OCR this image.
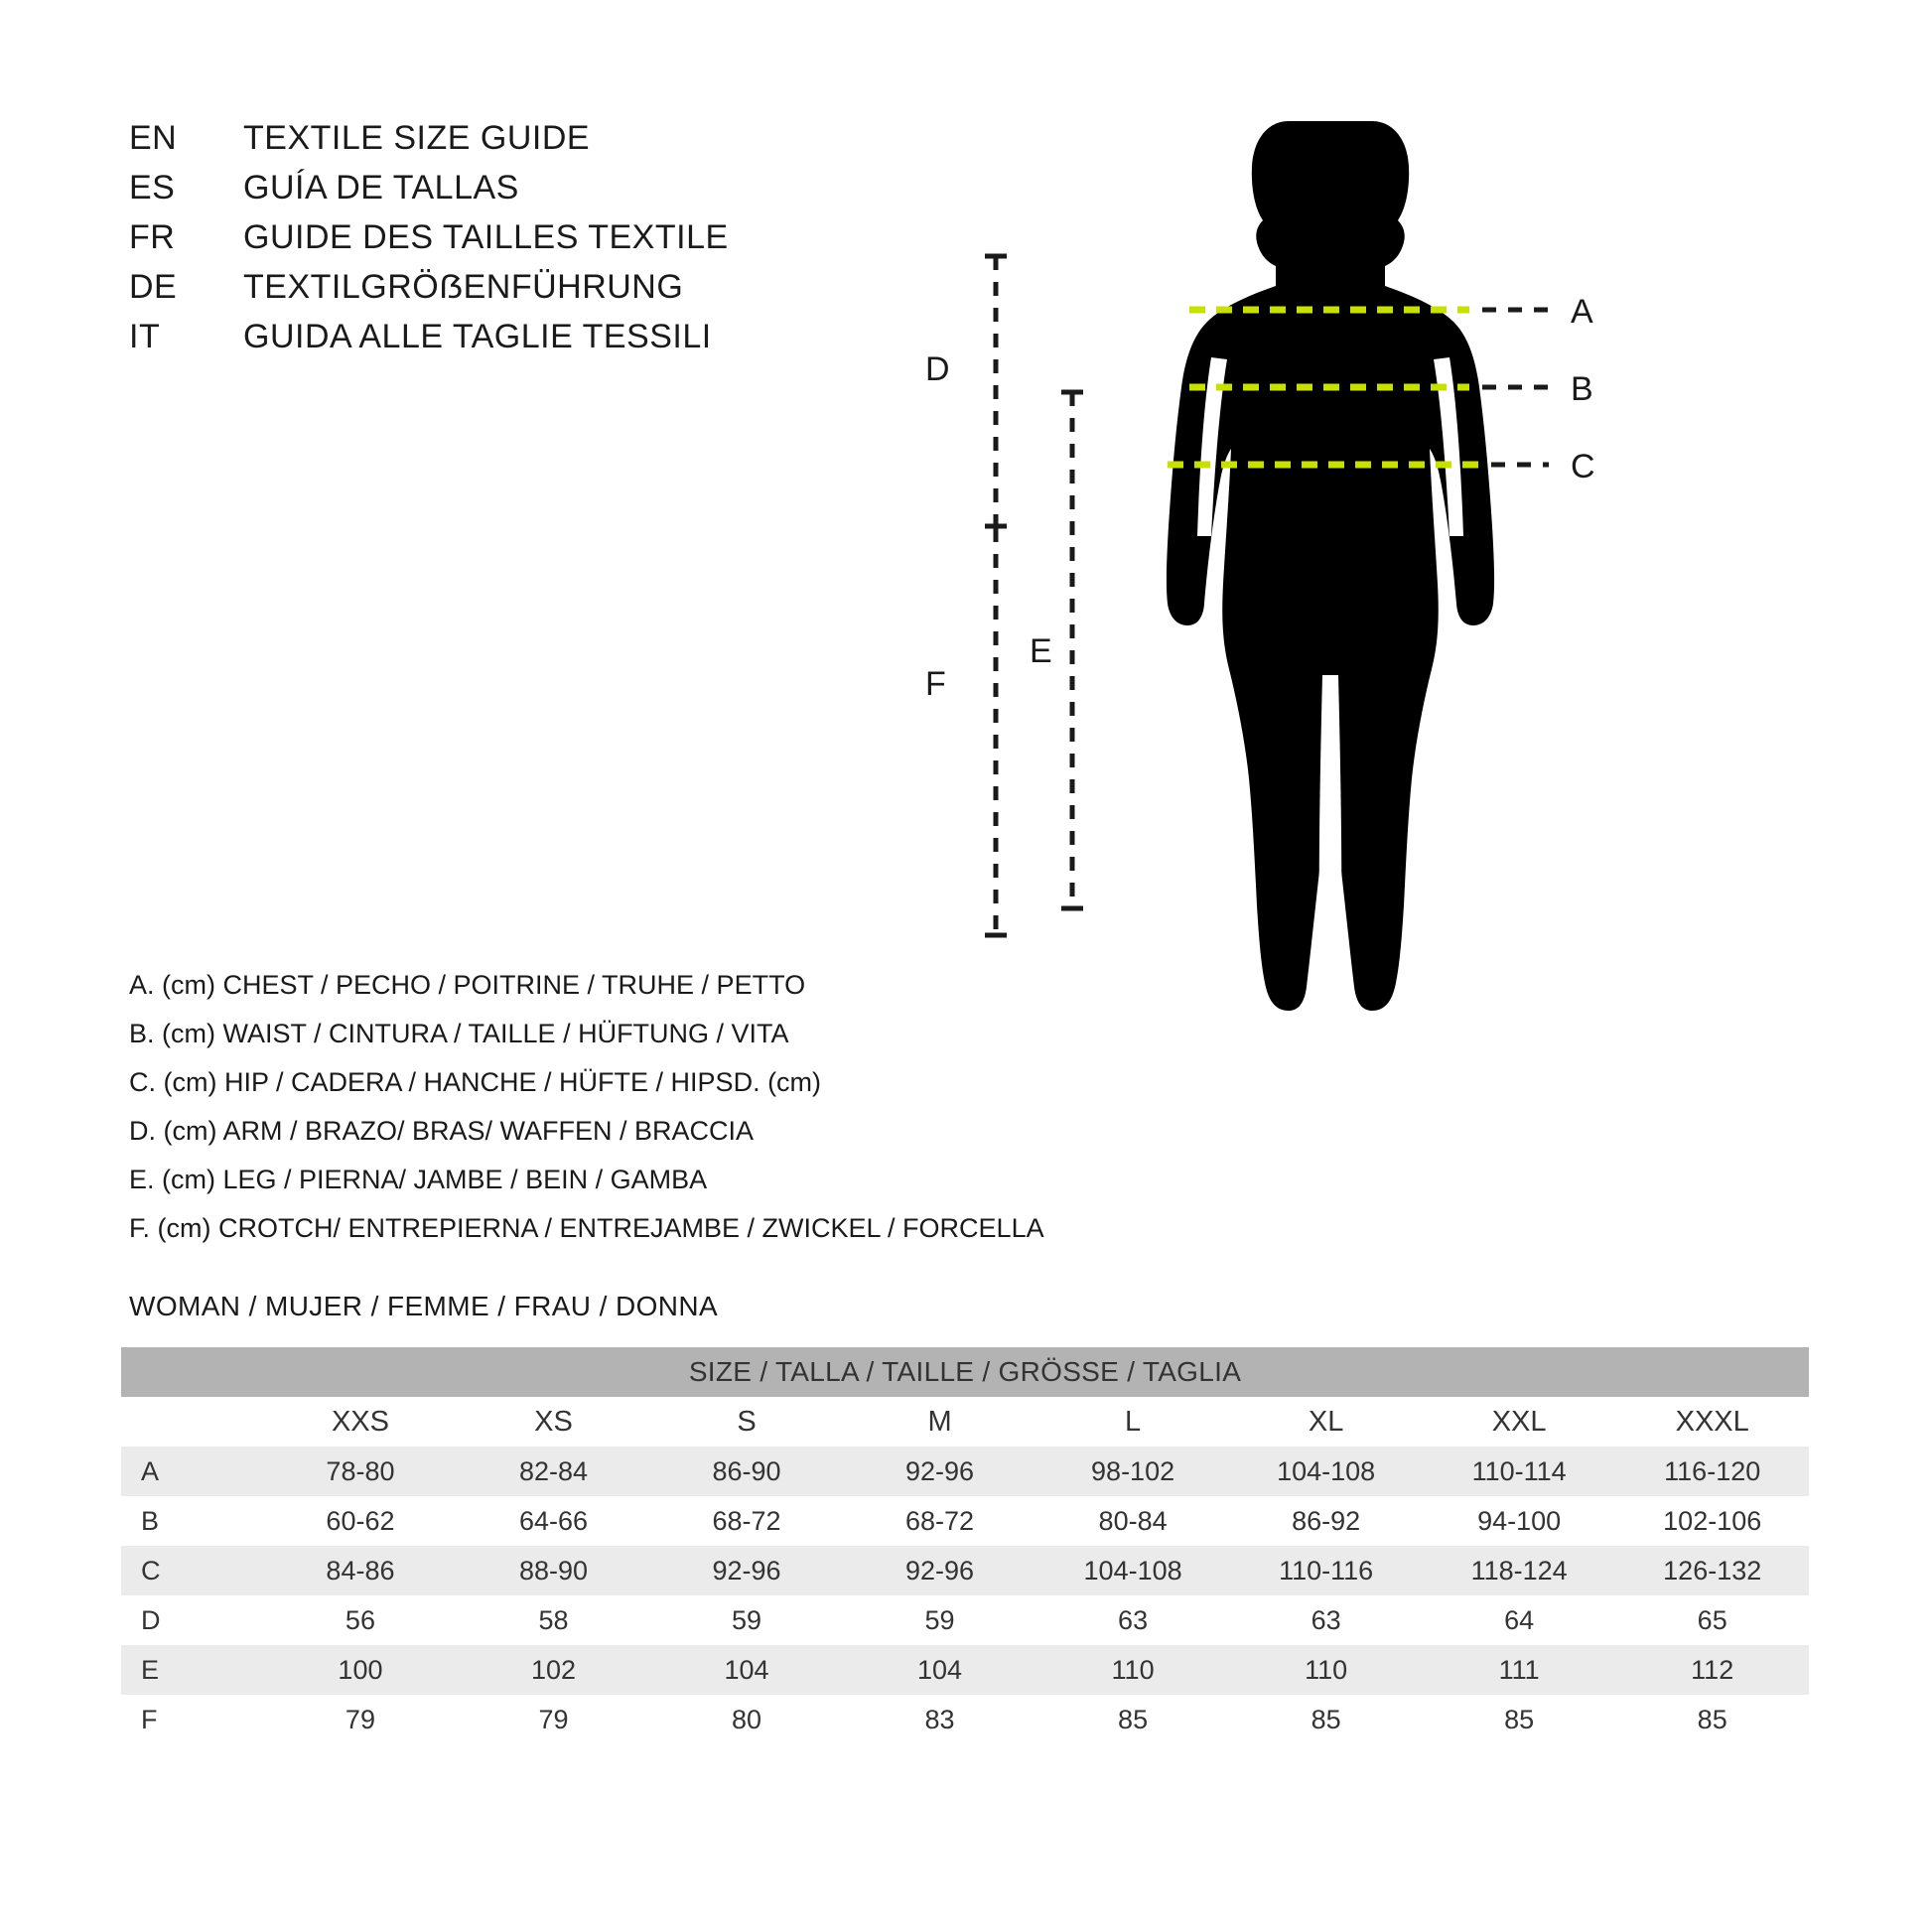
EN	TEXTILE SIZE GUIDE
ES	GUÍA DE TALLAS
FR	GUIDE DES TAILLES TEXTILE
DE	TEXTILGRÖẞENFÜHRUNG
IT	GUIDA ALLE TAGLIE TESSILI
A. (cm) CHEST / PECHO / POITRINE / TRUHE / PETTO
B. (cm) WAIST / CINTURA / TAILLE / HÜFTUNG / VITA
C. (cm) HIP / CADERA / HANCHE / HÜFTE / HIPSD. (cm)
D. (cm) ARM / BRAZO/ BRAS/ WAFFEN / BRACCIA
E. (cm) LEG / PIERNA/ JAMBE / BEIN / GAMBA
F. (cm) CROTCH/ ENTREPIERNA / ENTREJAMBE / ZWICKEL / FORCELLA
WOMAN / MUJER / FEMME / FRAU / DONNA
A
B
C
D
E
F
SIZE / TALLA / TAILLE / GRÖSSE / TAGLIA								
	XXS	XS	S	M	L	XL	XXL	XXXL
A	78-80	82-84	86-90	92-96	98-102	104-108	110-114	116-120
B	60-62	64-66	68-72	68-72	80-84	86-92	94-100	102-106
C	84-86	88-90	92-96	92-96	104-108	110-116	118-124	126-132
D	56	58	59	59	63	63	64	65
E	100	102	104	104	110	110	111	112
F	79	79	80	83	85	85	85	85
